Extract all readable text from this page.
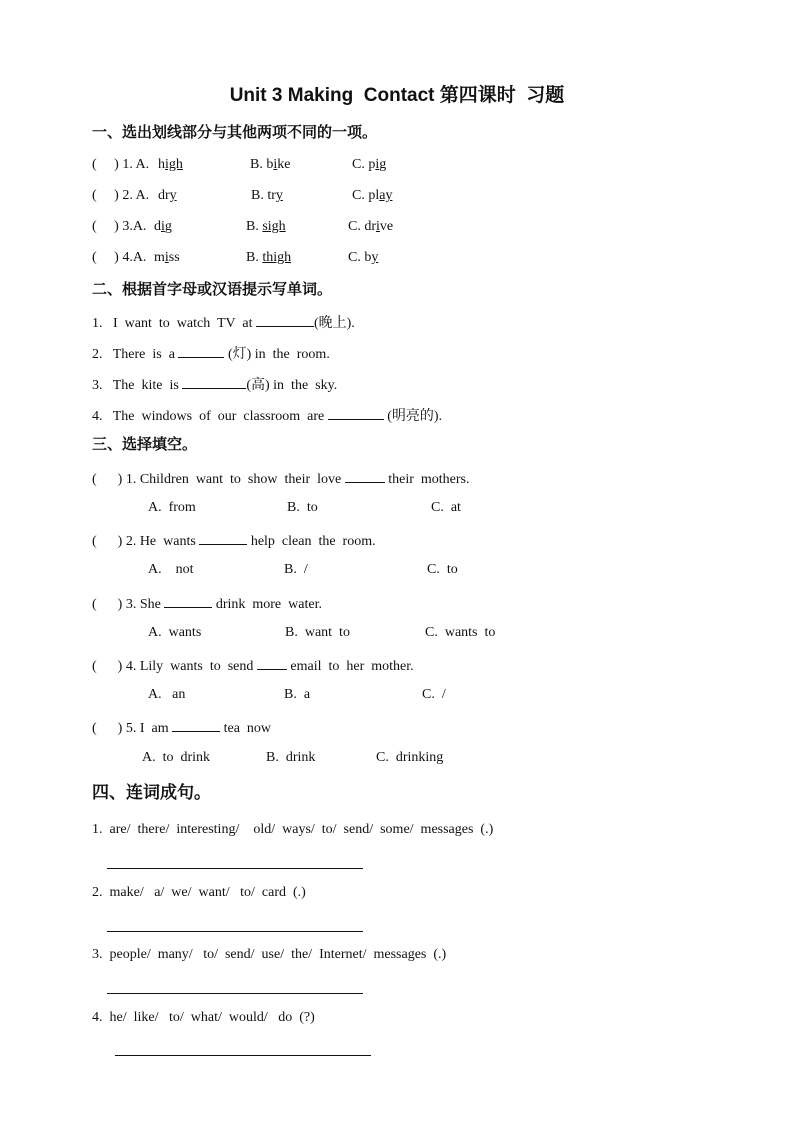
Unit 3 Making  Contact 第四课时  习题
一、选出划线部分与其他两项不同的一项。
(     ) 1. A. high	B. bike	C. pig
(     ) 2. A. dry	B. try	C. play
(     ) 3.A. dig	B. sigh	C. drive
(     ) 4.A. miss	B. thigh	C. by
二、根据首字母或汉语提示写单词。
1. I  want  to  watch  TV  at	(晚上).
2. There  is  a	(灯) in  the  room.
3.   The  kite  is	(高) in  the  sky.
4. The  windows  of  our  classroom  are	(明亮的).
三、选择填空。
(      ) 1. Children  want  to  show  their  love	their  mothers.
A.  from	B.  to	C.  at
(      ) 2. He  wants	help  clean  the  room.
A.    not	B.  /	C.  to
(      ) 3. She	drink  more  water.
A.  wants	B.  want  to	C.  wants  to
(      ) 4. Lily  wants  to  send  email  to  her  mother.
A.   an	B.  a	C.  /
(      ) 5. I  am	tea  now
A.  to  drink	B.  drink	C.  drinking
四、连词成句。
1.  are/  there/  interesting/    old/  ways/  to/  send/  some/  messages  (.)
2.  make/   a/  we/  want/   to/  card  (.)
3.  people/  many/   to/  send/  use/  the/  Internet/  messages  (.)
4.  he/  like/   to/  what/  would/   do  (?)
